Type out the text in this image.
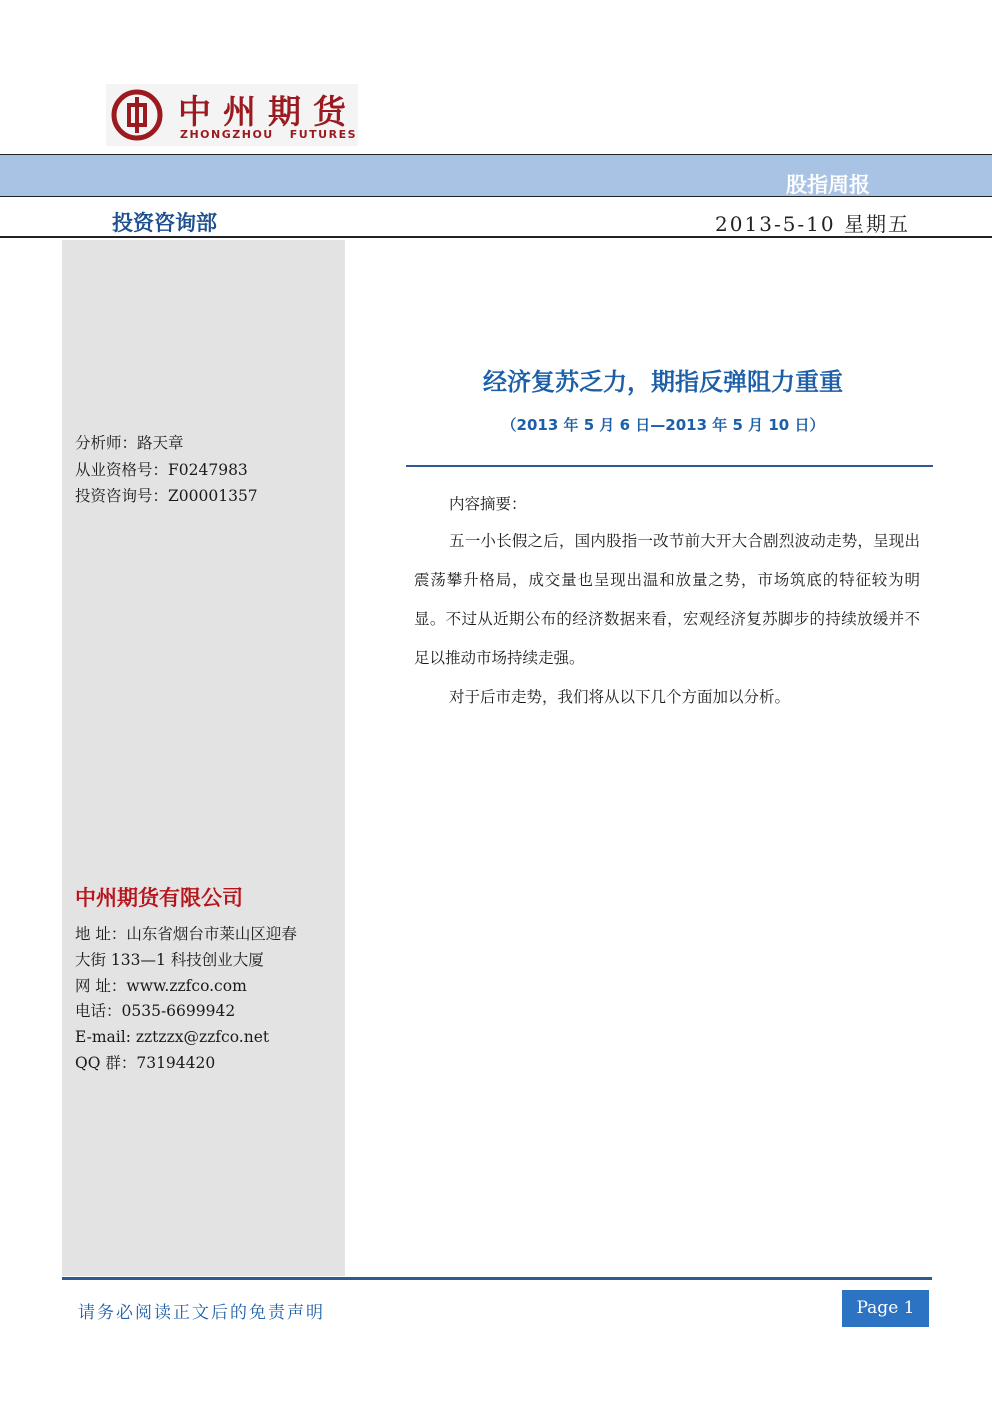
中州期货
ZHONGZHOU   FUTURES
股指周报
投资咨询部	2013-5-10 星期五
分析师：路天章
从业资格号：F0247983
投资咨询号：Z00001357
中州期货有限公司
地 址：山东省烟台市莱山区迎春
大街 133—1 科技创业大厦
网 址：www.zzfco.com
电话：0535-6699942
E-mail: zztzzx@zzfco.net
QQ 群：73194420
经济复苏乏力，期指反弹阻力重重
（2013 年 5 月 6 日—2013 年 5 月 10 日）
内容摘要：

五一小长假之后，国内股指一改节前大开大合剧烈波动走势，呈现出震荡攀升格局，成交量也呈现出温和放量之势，市场筑底的特征较为明显。不过从近期公布的经济数据来看，宏观经济复苏脚步的持续放缓并不足以推动市场持续走强。

对于后市走势，我们将从以下几个方面加以分析。

请务必阅读正文后的免责声明	Page 1
